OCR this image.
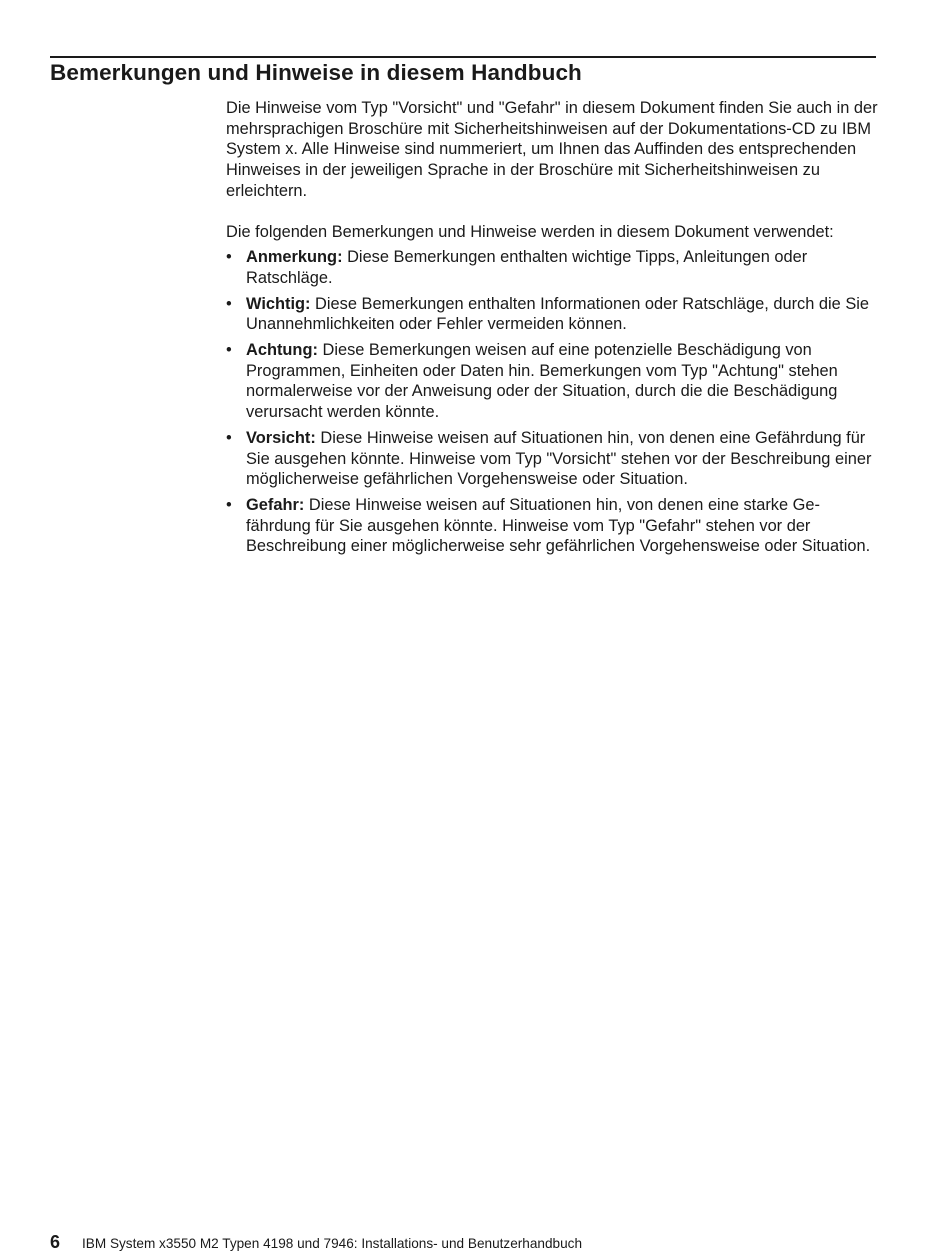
Bemerkungen und Hinweise in diesem Handbuch

Die Hinweise vom Typ "Vorsicht" und "Gefahr" in diesem Dokument finden Sie auch in der mehrsprachigen Broschüre mit Sicherheitshinweisen auf der Dokumentations-CD zu IBM System x. Alle Hinweise sind nummeriert, um Ihnen das Auffinden des entsprechenden Hinweises in der jeweiligen Sprache in der Broschüre mit Sicherheitshinweisen zu erleichtern.

Die folgenden Bemerkungen und Hinweise werden in diesem Dokument verwendet:

• Anmerkung: Diese Bemerkungen enthalten wichtige Tipps, Anleitungen oder Ratschläge.
• Wichtig: Diese Bemerkungen enthalten Informationen oder Ratschläge, durch die Sie Unannehmlichkeiten oder Fehler vermeiden können.
• Achtung: Diese Bemerkungen weisen auf eine potenzielle Beschädigung von Programmen, Einheiten oder Daten hin. Bemerkungen vom Typ "Achtung" stehen normalerweise vor der Anweisung oder der Situation, durch die die Beschädigung verursacht werden könnte.
• Vorsicht: Diese Hinweise weisen auf Situationen hin, von denen eine Gefährdung für Sie ausgehen könnte. Hinweise vom Typ "Vorsicht" stehen vor der Beschreibung einer möglicherweise gefährlichen Vorgehensweise oder Situation.
• Gefahr: Diese Hinweise weisen auf Situationen hin, von denen eine starke Gefährdung für Sie ausgehen könnte. Hinweise vom Typ "Gefahr" stehen vor der Beschreibung einer möglicherweise sehr gefährlichen Vorgehensweise oder Situation.
6	IBM System x3550 M2 Typen 4198 und 7946: Installations- und Benutzerhandbuch
